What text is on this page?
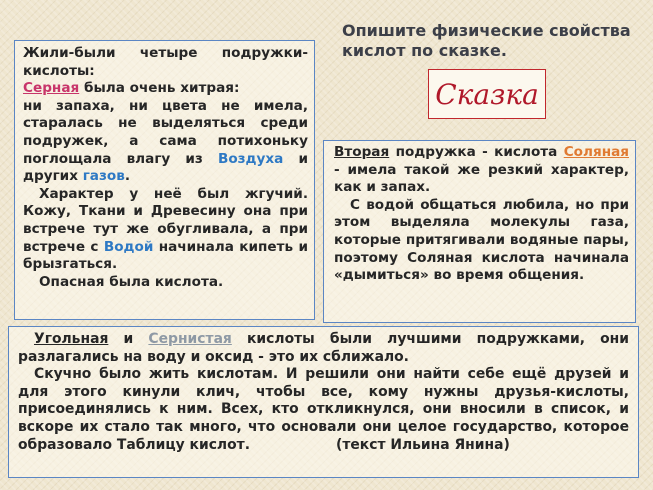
Опишите физические свойства кислот по сказке.
Сказка

Жили-были четыре подружки-кислоты:
Серная была очень хитрая:
ни запаха, ни цвета не имела, старалась не выделяться среди подружек, а сама потихоньку поглощала влагу из Воздуха и других газов.

Характер у неё был жгучий. Кожу, Ткани и Древесину она при встрече тут же обугливала, а при встрече с Водой начинала кипеть и брызгаться.

Опасная была кислота.

Вторая подружка - кислота Соляная - имела такой же резкий характер, как и запах.

С водой общаться любила, но при этом выделяла молекулы газа, которые притягивали водяные пары, поэтому Соляная кислота начинала «дымиться» во время общения.

Угольная и Сернистая кислоты были лучшими подружками, они разлагались на воду и оксид - это их сближало.

Скучно было жить кислотам. И решили они найти себе ещё друзей и для этого кинули клич, чтобы все, кому нужны друзья-кислоты, присоединялись к ним. Всех, кто откликнулся, они вносили в список, и вскоре их стало так много, что основали они целое государство, которое образовало Таблицу кислот.	(текст Ильина Янина)
